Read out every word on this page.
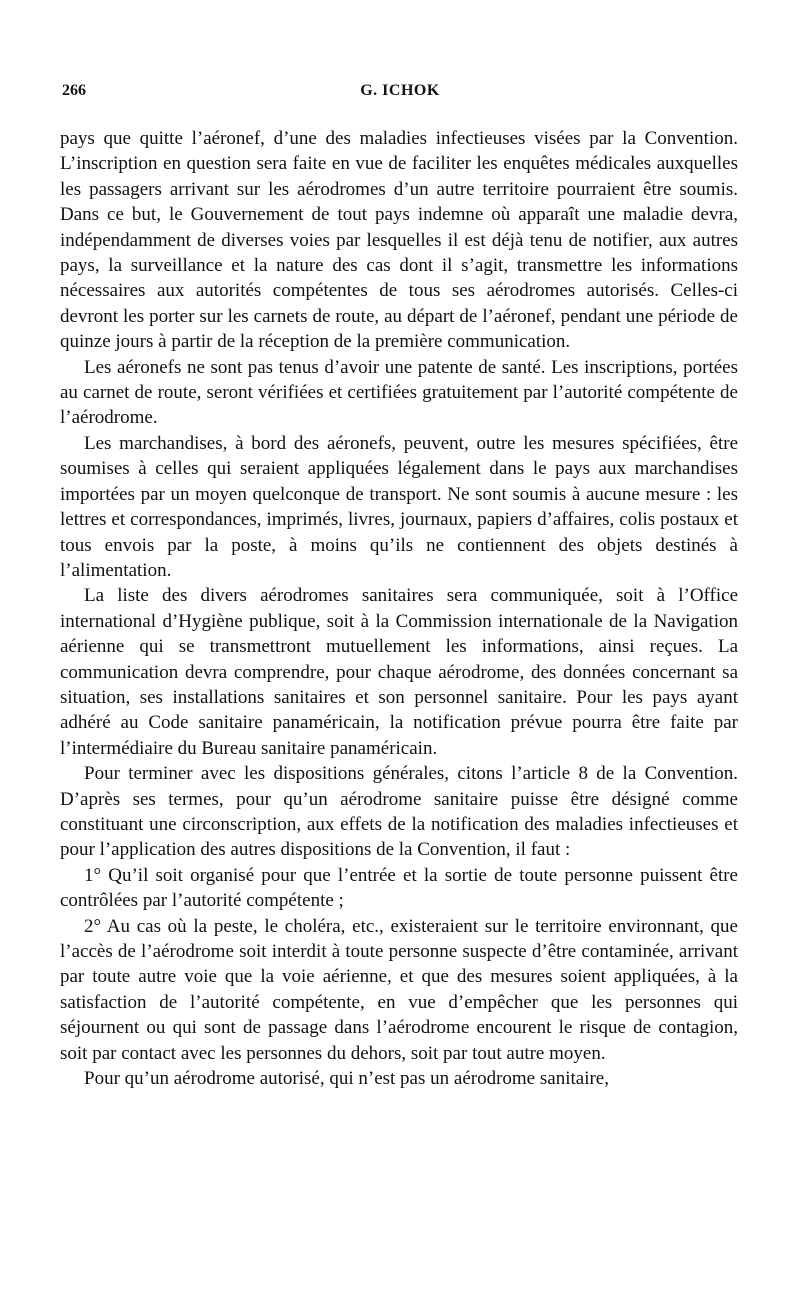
266	G. ICHOK

pays que quitte l’aéronef, d’une des maladies infectieuses visées par la Convention. L’inscription en question sera faite en vue de faciliter les enquêtes médicales auxquelles les passagers arrivant sur les aérodromes d’un autre territoire pourraient être soumis. Dans ce but, le Gouvernement de tout pays indemne où apparaît une maladie devra, indépendamment de diverses voies par lesquelles il est déjà tenu de notifier, aux autres pays, la surveillance et la nature des cas dont il s’agit, transmettre les informations nécessaires aux autorités compétentes de tous ses aérodromes autorisés. Celles-ci devront les porter sur les carnets de route, au départ de l’aéronef, pendant une période de quinze jours à partir de la réception de la première communication.

Les aéronefs ne sont pas tenus d’avoir une patente de santé. Les inscriptions, portées au carnet de route, seront vérifiées et certifiées gratuitement par l’autorité compétente de l’aérodrome.

Les marchandises, à bord des aéronefs, peuvent, outre les mesures spécifiées, être soumises à celles qui seraient appliquées légalement dans le pays aux marchandises importées par un moyen quelconque de transport. Ne sont soumis à aucune mesure : les lettres et correspondances, imprimés, livres, journaux, papiers d’affaires, colis postaux et tous envois par la poste, à moins qu’ils ne contiennent des objets destinés à l’alimentation.

La liste des divers aérodromes sanitaires sera communiquée, soit à l’Office international d’Hygiène publique, soit à la Commission internationale de la Navigation aérienne qui se transmettront mutuellement les informations, ainsi reçues. La communication devra comprendre, pour chaque aérodrome, des données concernant sa situation, ses installations sanitaires et son personnel sanitaire. Pour les pays ayant adhéré au Code sanitaire panaméricain, la notification prévue pourra être faite par l’intermédiaire du Bureau sanitaire panaméricain.

Pour terminer avec les dispositions générales, citons l’article 8 de la Convention. D’après ses termes, pour qu’un aérodrome sanitaire puisse être désigné comme constituant une circonscription, aux effets de la notification des maladies infectieuses et pour l’application des autres dispositions de la Convention, il faut :

1° Qu’il soit organisé pour que l’entrée et la sortie de toute personne puissent être contrôlées par l’autorité compétente ;

2° Au cas où la peste, le choléra, etc., existeraient sur le territoire environnant, que l’accès de l’aérodrome soit interdit à toute personne suspecte d’être contaminée, arrivant par toute autre voie que la voie aérienne, et que des mesures soient appliquées, à la satisfaction de l’autorité compétente, en vue d’empêcher que les personnes qui séjournent ou qui sont de passage dans l’aérodrome encourent le risque de contagion, soit par contact avec les personnes du dehors, soit par tout autre moyen.

Pour qu’un aérodrome autorisé, qui n’est pas un aérodrome sanitaire,
